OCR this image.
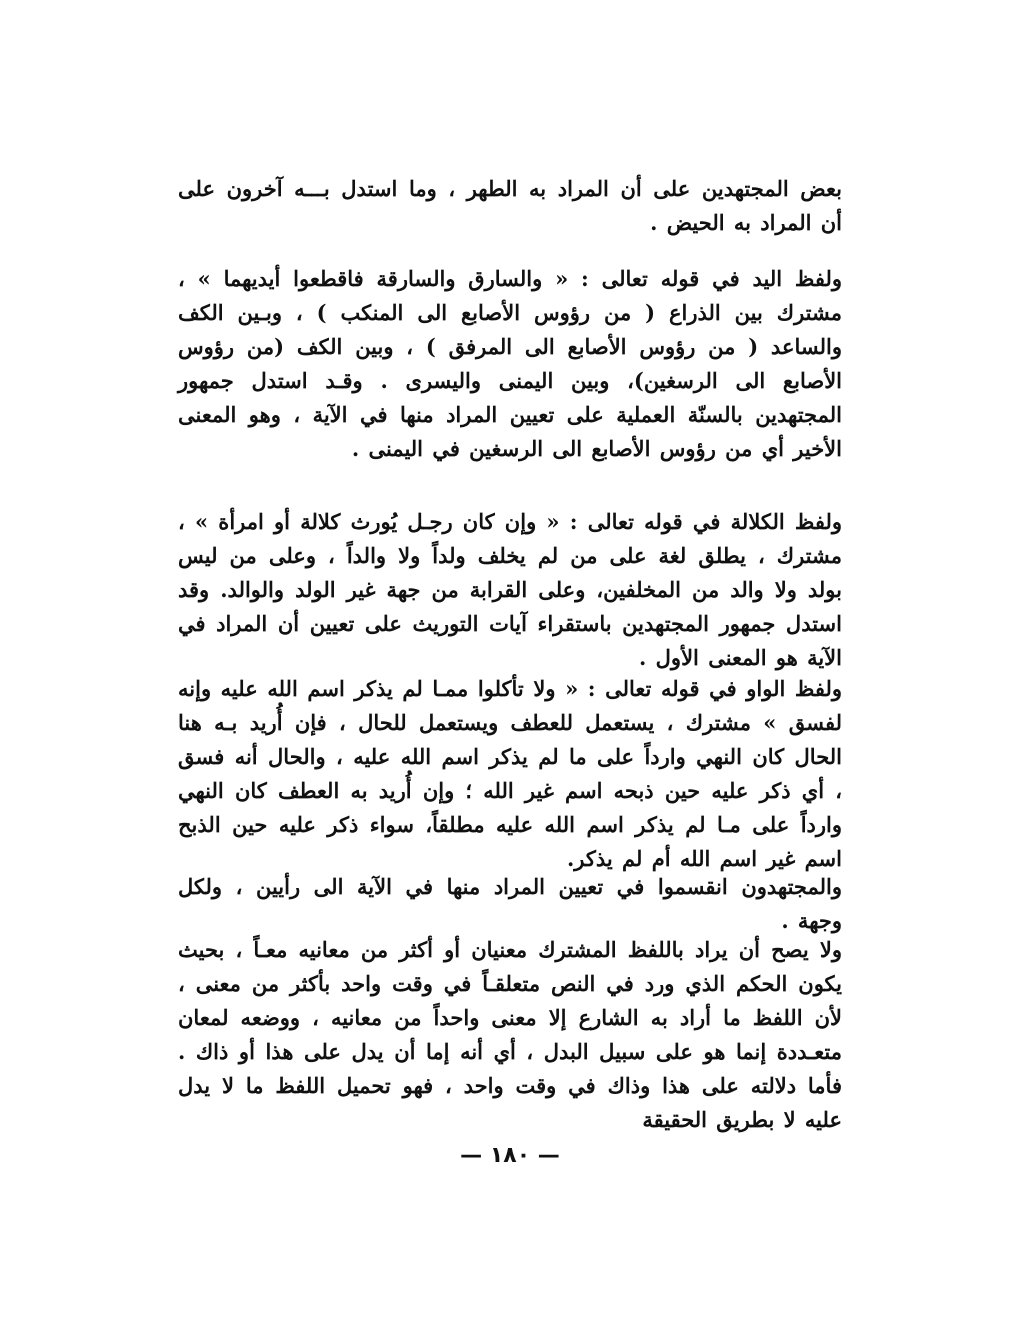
بعض المجتهدين على أن المراد به الطهر ، وما استدل بـــه آخرون على أن المراد به الحيض .

ولفظ اليد في قوله تعالى : « والسارق والسارقة فاقطعوا أيديهما » ، مشترك بين الذراع ( من رؤوس الأصابع الى المنكب ) ، وبـين الكف والساعد ( من رؤوس الأصابع الى المرفق ) ، وبين الكف (من رؤوس الأصابع الى الرسغين)، وبين اليمنى واليسرى . وقـد استدل جمهور المجتهدين بالسنّة العملية على تعيين المراد منها في الآية ، وهو المعنى الأخير أي من رؤوس الأصابع الى الرسغين في اليمنى .

ولفظ الكلالة في قوله تعالى : « وإن كان رجـل يُورث كلالة أو امرأة » ، مشترك ، يطلق لغة على من لم يخلف ولداً ولا والداً ، وعلى من ليس بولد ولا والد من المخلفين، وعلى القرابة من جهة غير الولد والوالد. وقد استدل جمهور المجتهدين باستقراء آيات التوريث على تعيين أن المراد في الآية هو المعنى الأول .

ولفظ الواو في قوله تعالى : « ولا تأكلوا ممـا لم يذكر اسم الله عليه وإنه لفسق » مشترك ، يستعمل للعطف ويستعمل للحال ، فإن أُريد بـه هنا الحال كان النهي وارداً على ما لم يذكر اسم الله عليه ، والحال أنه فسق ، أي ذكر عليه حين ذبحه اسم غير الله ؛ وإن أُريد به العطف كان النهي وارداً على مـا لم يذكر اسم الله عليه مطلقاً، سواء ذكر عليه حين الذبح اسم غير اسم الله أم لم يذكر.

والمجتهدون انقسموا في تعيين المراد منها في الآية الى رأيين ، ولكل وجهة .

ولا يصح أن يراد باللفظ المشترك معنيان أو أكثر من معانيه معـاً ، بحيث يكون الحكم الذي ورد في النص متعلقـاً في وقت واحد بأكثر من معنى ، لأن اللفظ ما أراد به الشارع إلا معنى واحداً من معانيه ، ووضعه لمعان متعـددة إنما هو على سبيل البدل ، أي أنه إما أن يدل على هذا أو ذاك . فأما دلالته على هذا وذاك في وقت واحد ، فهو تحميل اللفظ ما لا يدل عليه لا بطريق الحقيقة

— ١٨٠ —
